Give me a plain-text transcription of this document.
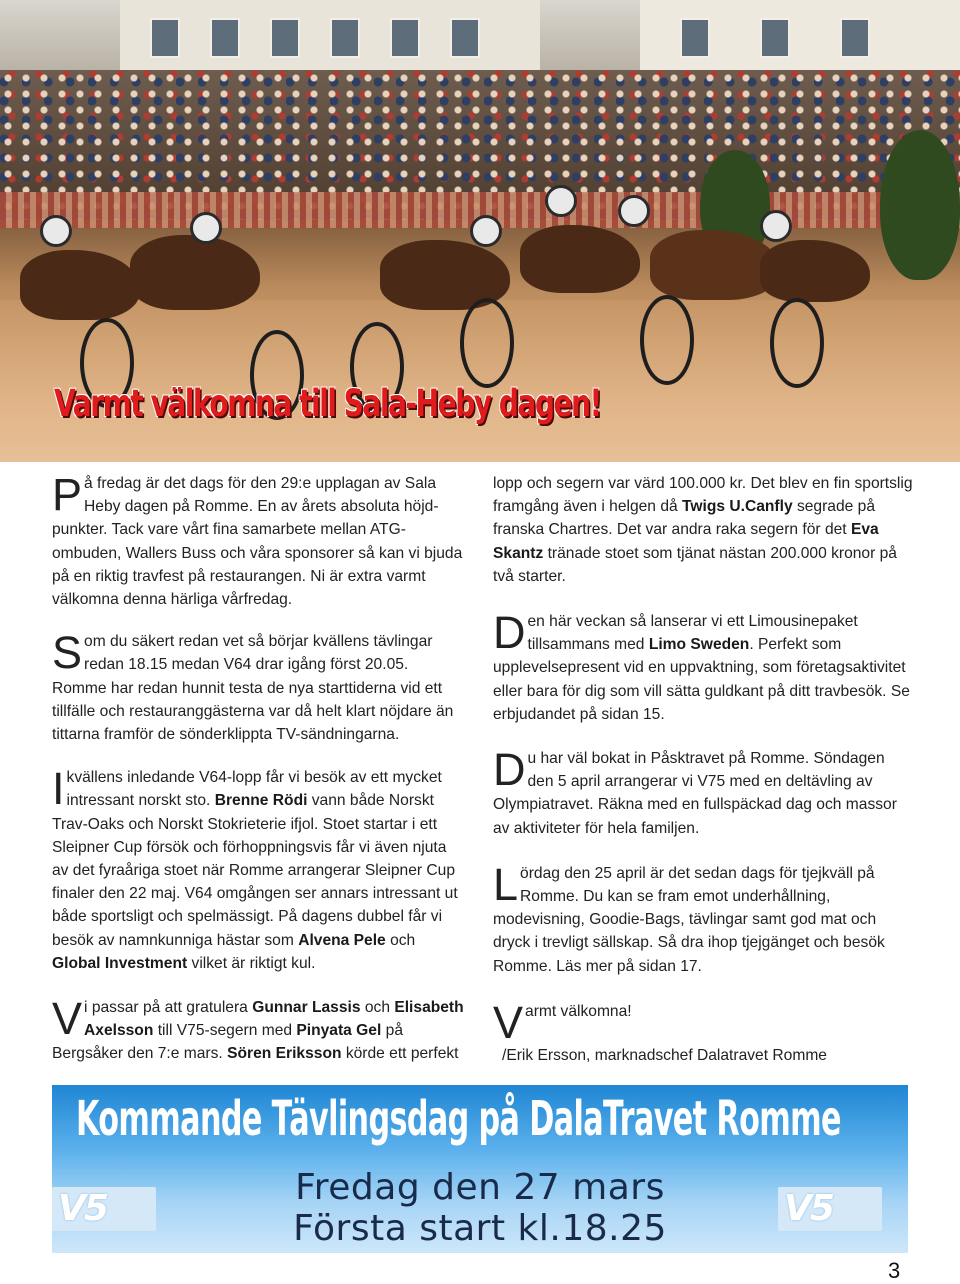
Varmt välkomna till Sala-Heby dagen!

På fredag är det dags för den 29:e upplagan av Sala Heby dagen på Romme. En av årets absoluta höjd-punkter. Tack vare vårt fina samarbete mellan ATG-ombuden, Wallers Buss och våra sponsorer så kan vi bjuda på en riktig travfest på restaurangen. Ni är extra varmt välkomna denna härliga vårfredag.

Som du säkert redan vet så börjar kvällens tävlingar redan 18.15 medan V64 drar igång först 20.05. Romme har redan hunnit testa de nya starttiderna vid ett tillfälle och restauranggästerna var då helt klart nöjdare än tittarna framför de sönderklippta TV-sändningarna.

I kvällens inledande V64-lopp får vi besök av ett mycket intressant norskt sto. Brenne Rödi vann både Norskt Trav-Oaks och Norskt Stokrieterie ifjol. Stoet startar i ett Sleipner Cup försök och förhoppningsvis får vi även njuta av det fyraåriga stoet när Romme arrangerar Sleipner Cup finaler den 22 maj. V64 omgången ser annars intressant ut både sportsligt och spelmässigt. På dagens dubbel får vi besök av namnkunniga hästar som Alvena Pele och Global Investment vilket är riktigt kul.

Vi passar på att gratulera Gunnar Lassis och Elisabeth Axelsson till V75-segern med Pinyata Gel på Bergsåker den 7:e mars. Sören Eriksson körde ett perfekt

lopp och segern var värd 100.000 kr. Det blev en fin sportslig framgång även i helgen då Twigs U.Canfly segrade på franska Chartres. Det var andra raka segern för det Eva Skantz tränade stoet som tjänat nästan 200.000 kronor på två starter.

Den här veckan så lanserar vi ett Limousinepaket tillsammans med Limo Sweden. Perfekt som upplevelsepresent vid en uppvaktning, som företagsaktivitet eller bara för dig som vill sätta guldkant på ditt travbesök. Se erbjudandet på sidan 15.

Du har väl bokat in Påsktravet på Romme. Söndagen den 5 april arrangerar vi V75 med en deltävling av Olympiatravet. Räkna med en fullspäckad dag och massor av aktiviteter för hela familjen.

Lördag den 25 april är det sedan dags för tjejkväll på Romme. Du kan se fram emot underhållning, modevisning, Goodie-Bags, tävlingar samt god mat och dryck i trevligt sällskap. Så dra ihop tjejgänget och besök Romme. Läs mer på sidan 17.

Varmt välkomna!

/Erik Ersson, marknadschef Dalatravet Romme

Kommande Tävlingsdag på DalaTravet Romme
V5	V5

Fredag den 27 mars

Första start kl.18.25

3
